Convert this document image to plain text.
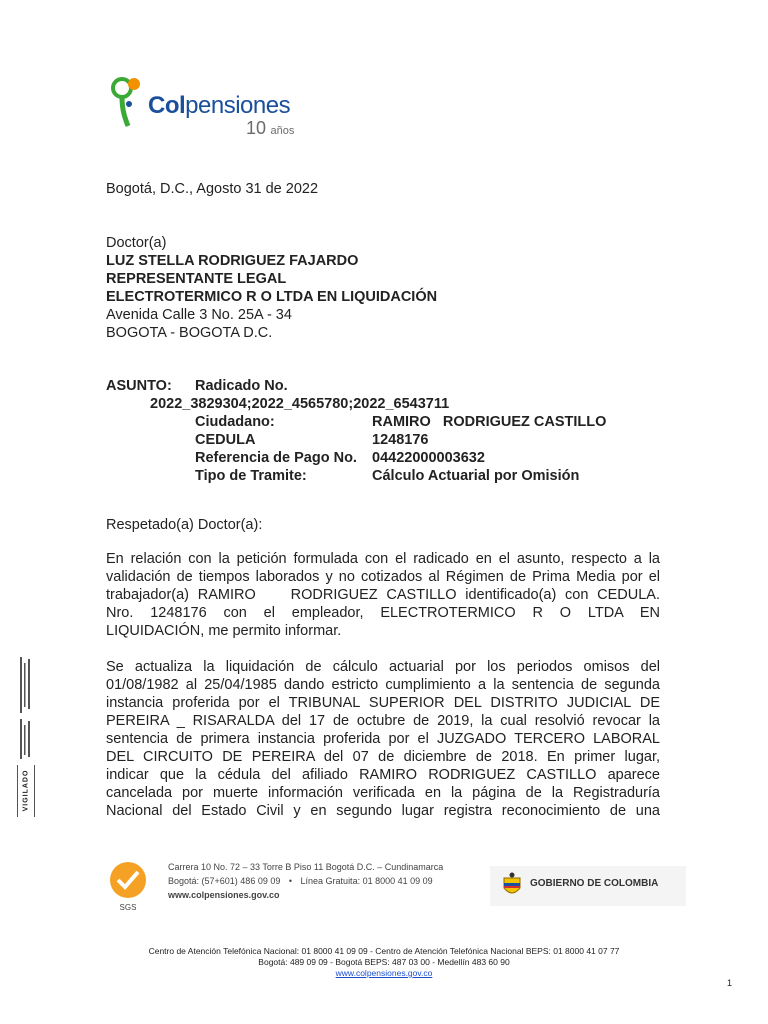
Colpensiones
10 años
Bogotá, D.C., Agosto 31 de 2022
Doctor(a)
LUZ STELLA RODRIGUEZ FAJARDO
REPRESENTANTE LEGAL
ELECTROTERMICO R O LTDA EN LIQUIDACIÓN
Avenida Calle 3 No. 25A - 34
BOGOTA - BOGOTA D.C.
ASUNTO: Radicado No.
2022_3829304;2022_4565780;2022_6543711
Ciudadano:	RAMIRO   RODRIGUEZ CASTILLO
CEDULA	1248176
Referencia de Pago No. 04422000003632
Tipo de Tramite:	Cálculo Actuarial por Omisión
Respetado(a) Doctor(a):
En relación con la petición formulada con el radicado en el asunto, respecto a la
validación de tiempos laborados y no cotizados al Régimen de Prima Media por el
trabajador(a) RAMIRO    RODRIGUEZ CASTILLO identificado(a) con CEDULA.
Nro. 1248176 con el empleador, ELECTROTERMICO R O LTDA EN
LIQUIDACIÓN, me permito informar.
Se actualiza la liquidación de cálculo actuarial por los periodos omisos del
01/08/1982 al 25/04/1985 dando estricto cumplimiento a la sentencia de segunda
instancia proferida por el TRIBUNAL SUPERIOR DEL DISTRITO JUDICIAL DE
PEREIRA _ RISARALDA del 17 de octubre de 2019, la cual resolvió revocar la
sentencia de primera instancia proferida por el JUZGADO TERCERO LABORAL
DEL CIRCUITO DE PEREIRA del 07 de diciembre de 2018. En primer lugar,
indicar que la cédula del afiliado RAMIRO RODRIGUEZ CASTILLO aparece
cancelada por muerte información verificada en la página de la Registraduría
Nacional del Estado Civil y en segundo lugar registra reconocimiento de una
VIGILADO
SGS
Carrera 10 No. 72 – 33 Torre B Piso 11 Bogotá D.C. – Cundinamarca
Bogotá: (57+601) 486 09 09 • Línea Gratuita: 01 8000 41 09 09
www.colpensiones.gov.co
GOBIERNO DE COLOMBIA
Centro de Atención Telefónica Nacional: 01 8000 41 09 09 - Centro de Atención Telefónica Nacional BEPS: 01 8000 41 07 77
Bogotá: 489 09 09 - Bogotá BEPS: 487 03 00 - Medellín 483 60 90
www.colpensiones.gov.co
1
